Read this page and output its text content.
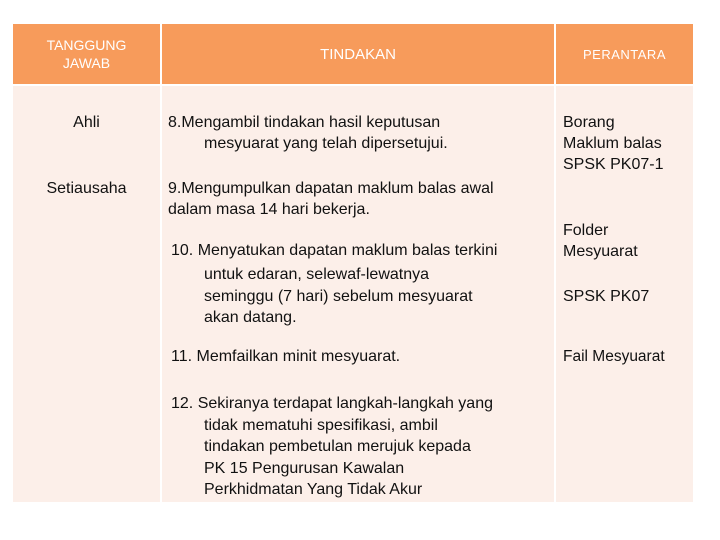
TANGGUNG
JAWAB
TINDAKAN	PERANTARA
Ahli
Setiausaha
8.Mengambil tindakan hasil keputusan
mesyuarat yang telah dipersetujui.
9.Mengumpulkan dapatan maklum balas awal
dalam masa 14 hari bekerja.
10. Menyatukan dapatan maklum balas terkini
untuk edaran, selewaf-lewatnya
seminggu (7 hari) sebelum mesyuarat
akan datang.
11. Memfailkan minit mesyuarat.
12. Sekiranya terdapat langkah-langkah yang
tidak mematuhi spesifikasi, ambil
tindakan pembetulan merujuk kepada
PK 15 Pengurusan Kawalan
Perkhidmatan Yang Tidak Akur
Borang
Maklum balas
SPSK PK07-1
Folder
Mesyuarat
SPSK PK07
Fail Mesyuarat
